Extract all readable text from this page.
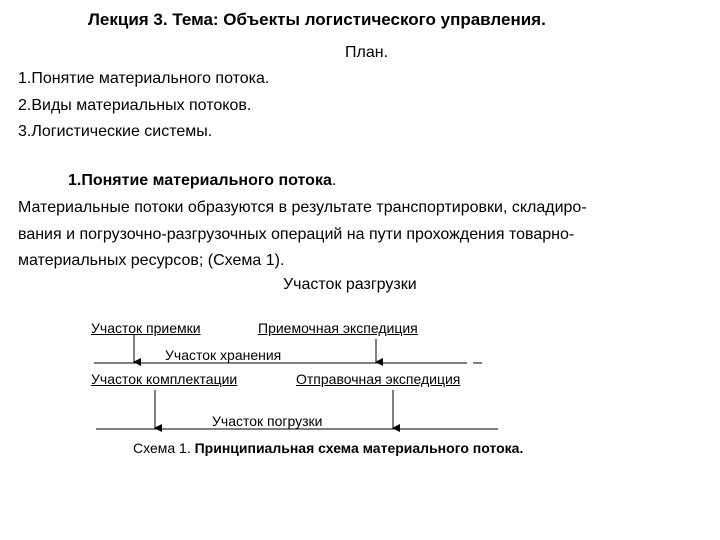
Лекция 3. Тема: Объекты логистического управления.
План.
1.Понятие материального потока.
2.Виды материальных потоков.
3.Логистические системы.
1.Понятие материального потока.
Материальные потоки образуются в результате транспортировки, складиро-
вания и погрузочно-разгрузочных операций на пути прохождения товарно-
материальных ресурсов; (Схема 1).
Участок разгрузки
Участок приемки	Приемочная экспедиция
Участок хранения
Участок комплектации	Отправочная экспедиция
Участок погрузки
Схема 1. Принципиальная схема материального потока.
